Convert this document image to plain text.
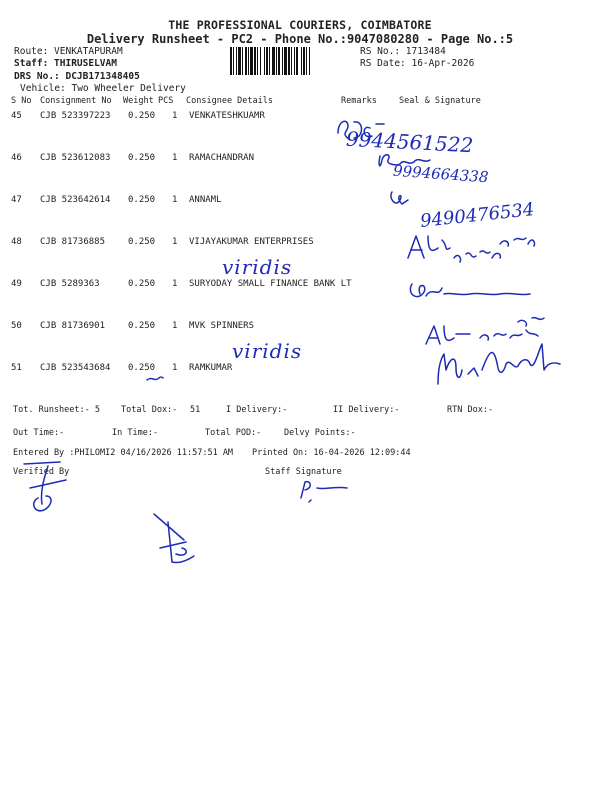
THE PROFESSIONAL COURIERS, COIMBATORE
Delivery Runsheet - PC2 - Phone No.:9047080280 - Page No.:5
Route: VENKATAPURAM
Staff: THIRUSELVAM
DRS No.: DCJB171348405
Vehicle: Two Wheeler Delivery
RS No.: 1713484
RS Date: 16-Apr-2026
S No Consignment No Weight PCS Consignee Details	Remarks	Seal & Signature
45 CJB 523397223 0.250 1 VENKATESHKUAMR
46 CJB 523612083 0.250 1 RAMACHANDRAN
47 CJB 523642614 0.250 1 ANNAML
48 CJB 81736885	0.250 1 VIJAYAKUMAR ENTERPRISES
49 CJB 5289363	0.250 1 SURYODAY SMALL FINANCE BANK LT
50 CJB 81736901	0.250 1 MVK SPINNERS
51 CJB 523543684 0.250 1 RAMKUMAR
9944561522
9994664338
9490476534
viridis
viridis
Tot. Runsheet:- 5 Total Dox:- 51	I Delivery:-	II Delivery:-	RTN Dox:-
Out Time:-	In Time:-	Total POD:-	Delvy Points:-
Entered By :PHILOMI2 04/16/2026 11:57:51 AM Printed On: 16-04-2026 12:09:44
Verified By	Staff Signature
